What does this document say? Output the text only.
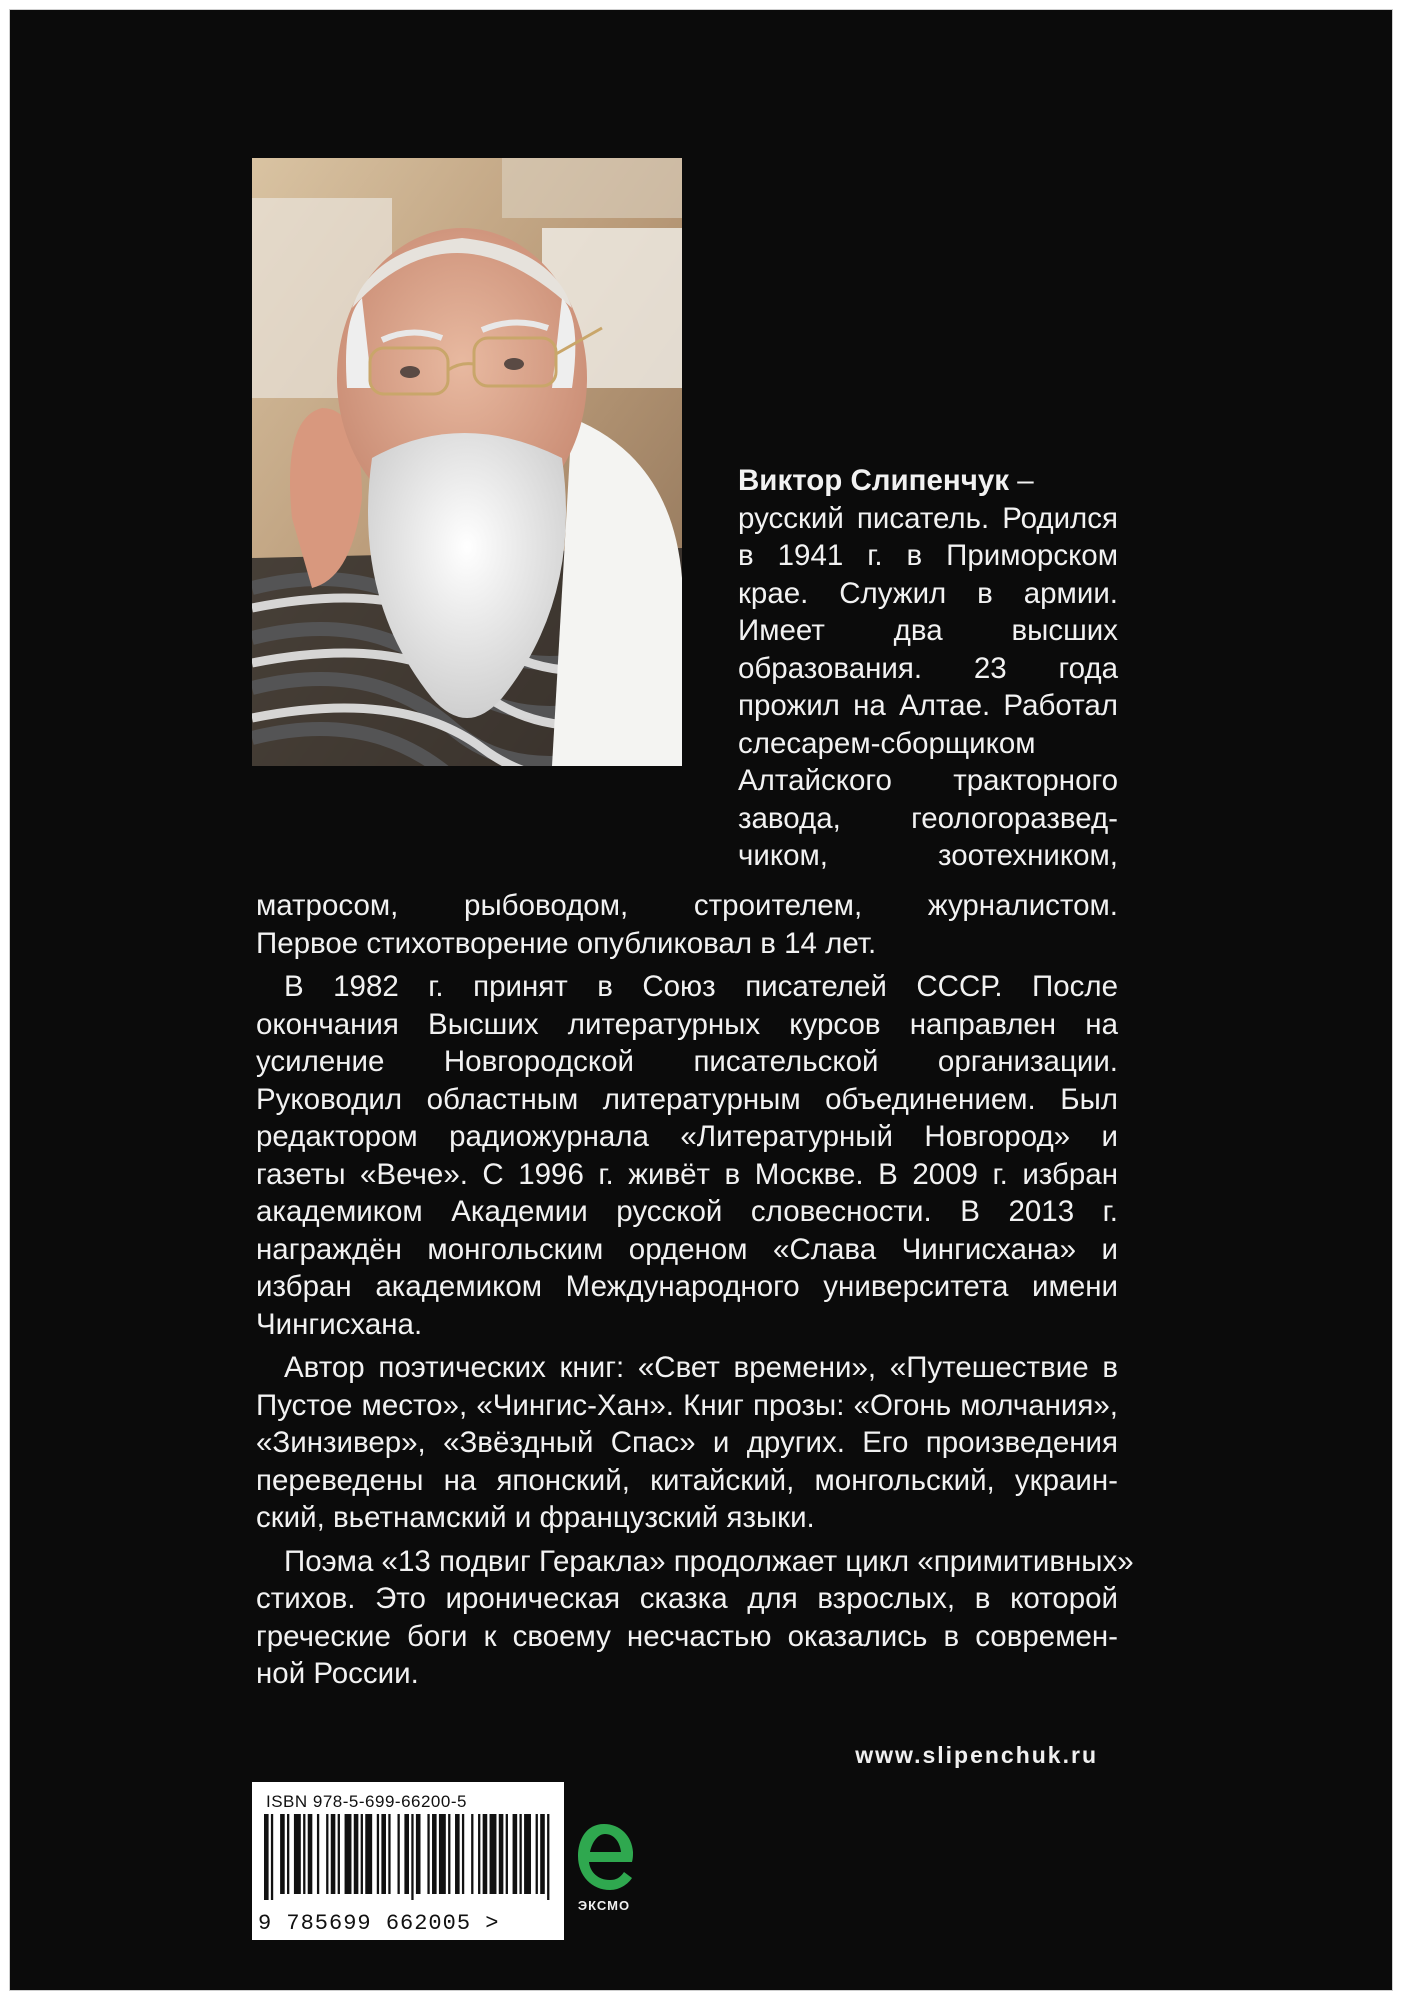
Виктор Слипенчук –
русский писатель. Родился
в 1941 г. в Приморском
крае. Служил в армии.
Имеет два высших
образования. 23 года
прожил на Алтае. Работал
слесарем-сборщиком
Алтайского тракторного
завода, геологоразвед-
чиком, зоотехником,
матросом, рыбоводом, строителем, журналистом.
Первое стихотворение опубликовал в 14 лет.
В 1982 г. принят в Союз писателей СССР. После
окончания Высших литературных курсов направлен на
усиление Новгородской писательской организации.
Руководил областным литературным объединением. Был
редактором радиожурнала «Литературный Новгород» и
газеты «Вече». С 1996 г. живёт в Москве. В 2009 г. избран
академиком Академии русской словесности. В 2013 г.
награждён монгольским орденом «Слава Чингисхана» и
избран академиком Международного университета имени
Чингисхана.
Автор поэтических книг: «Свет времени», «Путешествие в
Пустое место», «Чингис-Хан». Книг прозы: «Огонь молчания»,
«Зинзивер», «Звёздный Спас» и других. Его произведения
переведены на японский, китайский, монгольский, украин-
ский, вьетнамский и французский языки.
Поэма «13 подвиг Геракла» продолжает цикл «примитивных»
стихов. Это ироническая сказка для взрослых, в которой
греческие боги к своему несчастью оказались в современ-
ной России.
www.slipenchuk.ru
ISBN 978-5-699-66200-5
9 785699 662005 >
ЭКСМО
